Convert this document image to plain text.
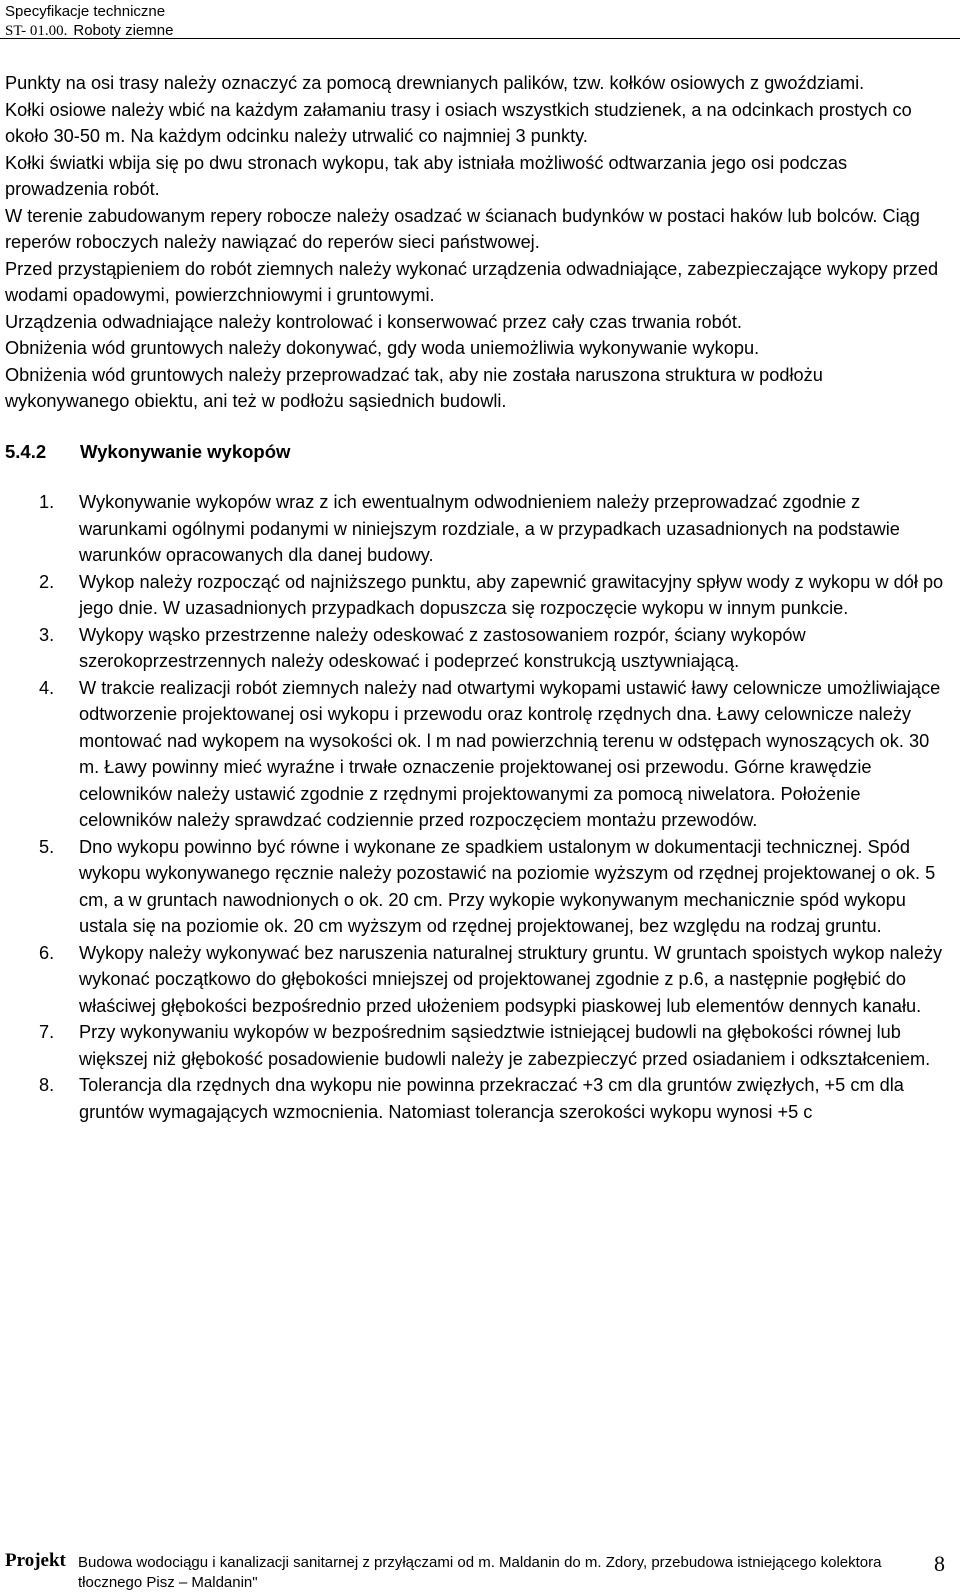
Specyfikacje techniczne
ST- 01.00. Roboty ziemne

Punkty na osi trasy należy oznaczyć za pomocą drewnianych palików, tzw. kołków osiowych z gwoździami.

Kołki osiowe należy wbić na każdym załamaniu trasy i osiach wszystkich studzienek, a na odcinkach prostych co około 30-50 m. Na każdym odcinku należy utrwalić co najmniej 3 punkty.

Kołki światki wbija się po dwu stronach wykopu, tak aby istniała możliwość odtwarzania jego osi podczas prowadzenia robót.

W terenie zabudowanym repery robocze należy osadzać w ścianach budynków w postaci haków lub bolców. Ciąg reperów roboczych należy nawiązać do reperów sieci państwowej.

Przed przystąpieniem do robót ziemnych należy wykonać urządzenia odwadniające, zabezpieczające wykopy przed wodami opadowymi, powierzchniowymi i gruntowymi.

Urządzenia odwadniające należy kontrolować i konserwować przez cały czas trwania robót.

Obniżenia wód gruntowych należy dokonywać, gdy woda uniemożliwia wykonywanie wykopu.

Obniżenia wód gruntowych należy przeprowadzać tak, aby nie została naruszona struktura w podłożu wykonywanego obiektu, ani też w podłożu sąsiednich budowli.

5.4.2 Wykonywanie wykopów
1. Wykonywanie wykopów wraz z ich ewentualnym odwodnieniem należy przeprowadzać zgodnie z warunkami ogólnymi podanymi w niniejszym rozdziale, a w przypadkach uzasadnionych na podstawie warunków opracowanych dla danej budowy.
2. Wykop należy rozpocząć od najniższego punktu, aby zapewnić grawitacyjny spływ wody z wykopu w dół po jego dnie. W uzasadnionych przypadkach dopuszcza się rozpoczęcie wykopu w innym punkcie.
3. Wykopy wąsko przestrzenne należy odeskować z zastosowaniem rozpór, ściany wykopów szerokoprzestrzennych należy odeskować i podeprzeć konstrukcją usztywniającą.
4. W trakcie realizacji robót ziemnych należy nad otwartymi wykopami ustawić ławy celownicze umożliwiające odtworzenie projektowanej osi wykopu i przewodu oraz kontrolę rzędnych dna. Ławy celownicze należy montować nad wykopem na wysokości ok. l m nad powierzchnią terenu w odstępach wynoszących ok. 30 m. Ławy powinny mieć wyraźne i trwałe oznaczenie projektowanej osi przewodu. Górne krawędzie celowników należy ustawić zgodnie z rzędnymi projektowanymi za pomocą niwelatora. Położenie celowników należy sprawdzać codziennie przed rozpoczęciem montażu przewodów.
5. Dno wykopu powinno być równe i wykonane ze spadkiem ustalonym w dokumentacji technicznej. Spód wykopu wykonywanego ręcznie należy pozostawić na poziomie wyższym od rzędnej projektowanej o ok. 5 cm, a w gruntach nawodnionych o ok. 20 cm. Przy wykopie wykonywanym mechanicznie spód wykopu ustala się na poziomie ok. 20 cm wyższym od rzędnej projektowanej, bez względu na rodzaj gruntu.
6. Wykopy należy wykonywać bez naruszenia naturalnej struktury gruntu. W gruntach spoistych wykop należy wykonać początkowo do głębokości mniejszej od projektowanej zgodnie z p.6, a następnie pogłębić do właściwej głębokości bezpośrednio przed ułożeniem podsypki piaskowej lub elementów dennych kanału.
7. Przy wykonywaniu wykopów w bezpośrednim sąsiedztwie istniejącej budowli na głębokości równej lub większej niż głębokość posadowienie budowli należy je zabezpieczyć przed osiadaniem i odkształceniem.
8. Tolerancja dla rzędnych dna wykopu nie powinna przekraczać +3 cm dla gruntów zwięzłych, +5 cm dla gruntów wymagających wzmocnienia. Natomiast tolerancja szerokości wykopu wynosi +5 c
Projekt Budowa wodociągu i kanalizacji sanitarnej z przyłączami od m. Maldanin do m. Zdory, przebudowa istniejącego kolektora tłocznego Pisz – Maldanin"
8
